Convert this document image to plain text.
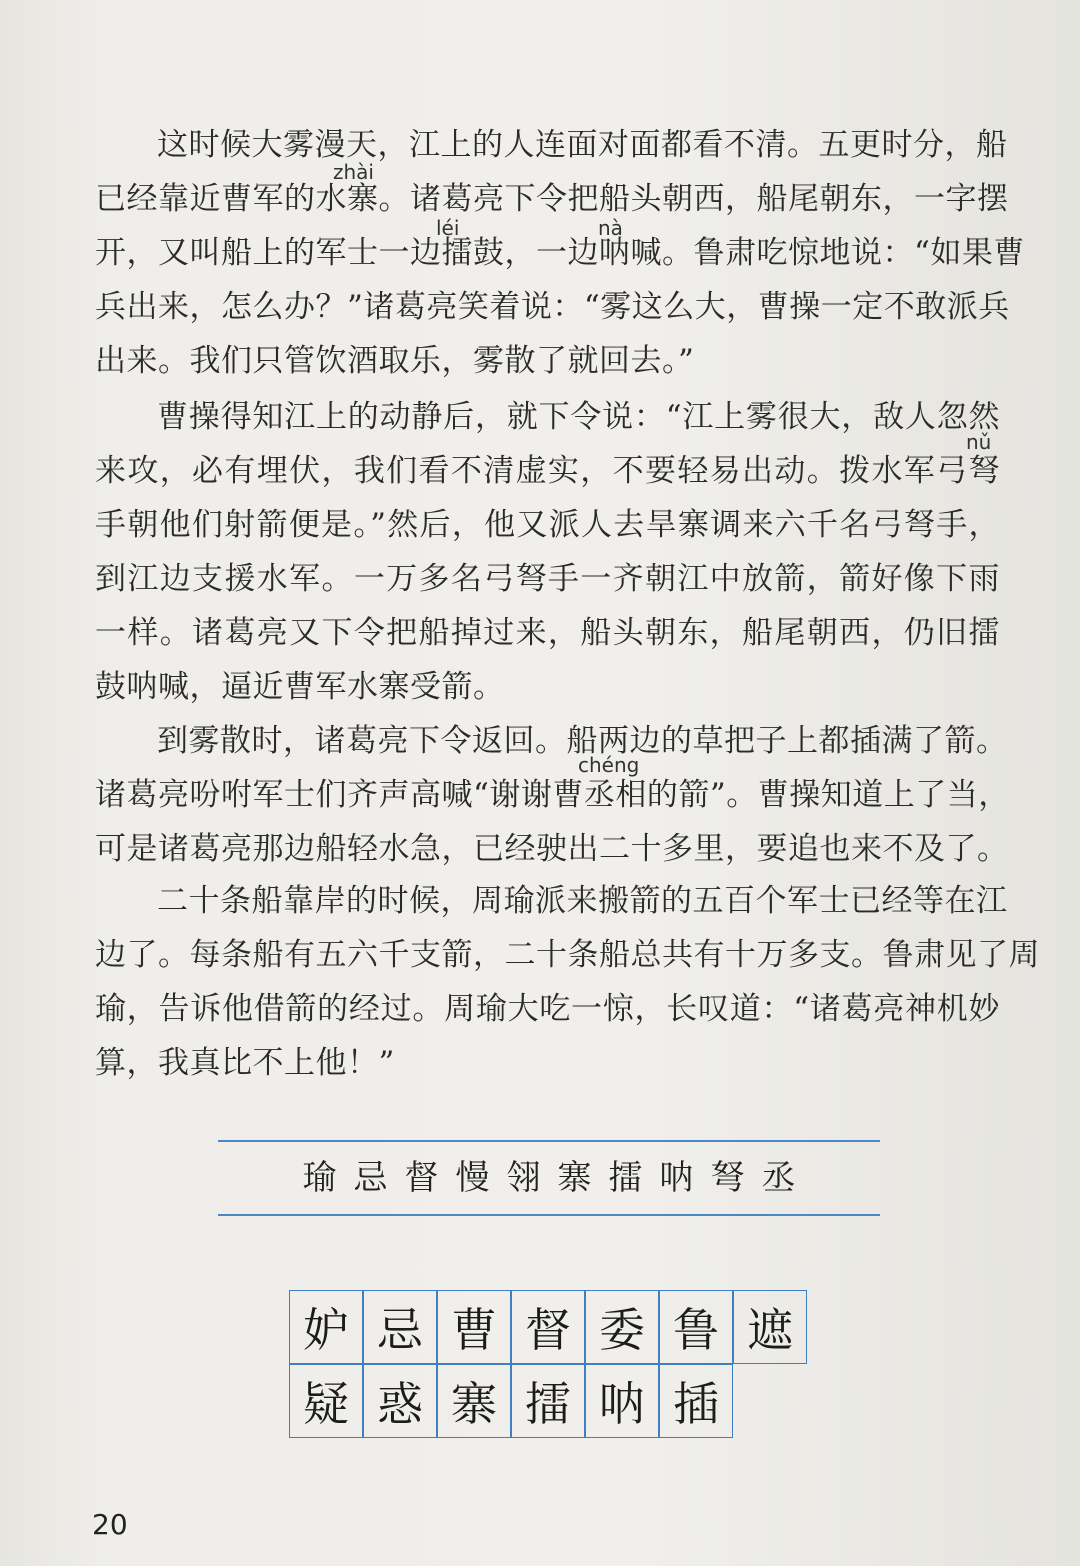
这时候大雾漫天，江上的人连面对面都看不清。五更时分，船
已经靠近曹军的水寨。诸葛亮下令把船头朝西，船尾朝东，一字摆
开，又叫船上的军士一边擂鼓，一边呐喊。鲁肃吃惊地说：“如果曹
兵出来，怎么办？”诸葛亮笑着说：“雾这么大，曹操一定不敢派兵
出来。我们只管饮酒取乐，雾散了就回去。”
曹操得知江上的动静后，就下令说：“江上雾很大，敌人忽然
来攻，必有埋伏，我们看不清虚实，不要轻易出动。拨水军弓弩
手朝他们射箭便是。”然后，他又派人去旱寨调来六千名弓弩手，
到江边支援水军。一万多名弓弩手一齐朝江中放箭，箭好像下雨
一样。诸葛亮又下令把船掉过来，船头朝东，船尾朝西，仍旧擂
鼓呐喊，逼近曹军水寨受箭。
到雾散时，诸葛亮下令返回。船两边的草把子上都插满了箭。
诸葛亮吩咐军士们齐声高喊“谢谢曹丞相的箭”。曹操知道上了当，
可是诸葛亮那边船轻水急，已经驶出二十多里，要追也来不及了。
二十条船靠岸的时候，周瑜派来搬箭的五百个军士已经等在江
边了。每条船有五六千支箭，二十条船总共有十万多支。鲁肃见了周
瑜，告诉他借箭的经过。周瑜大吃一惊，长叹道：“诸葛亮神机妙
算，我真比不上他！”
zhài
léi	nà
nǔ
chéng
瑜忌督慢翎寨擂呐弩丞
妒 忌 曹 督 委 鲁 遮
疑 惑 寨 擂 呐 插
20
